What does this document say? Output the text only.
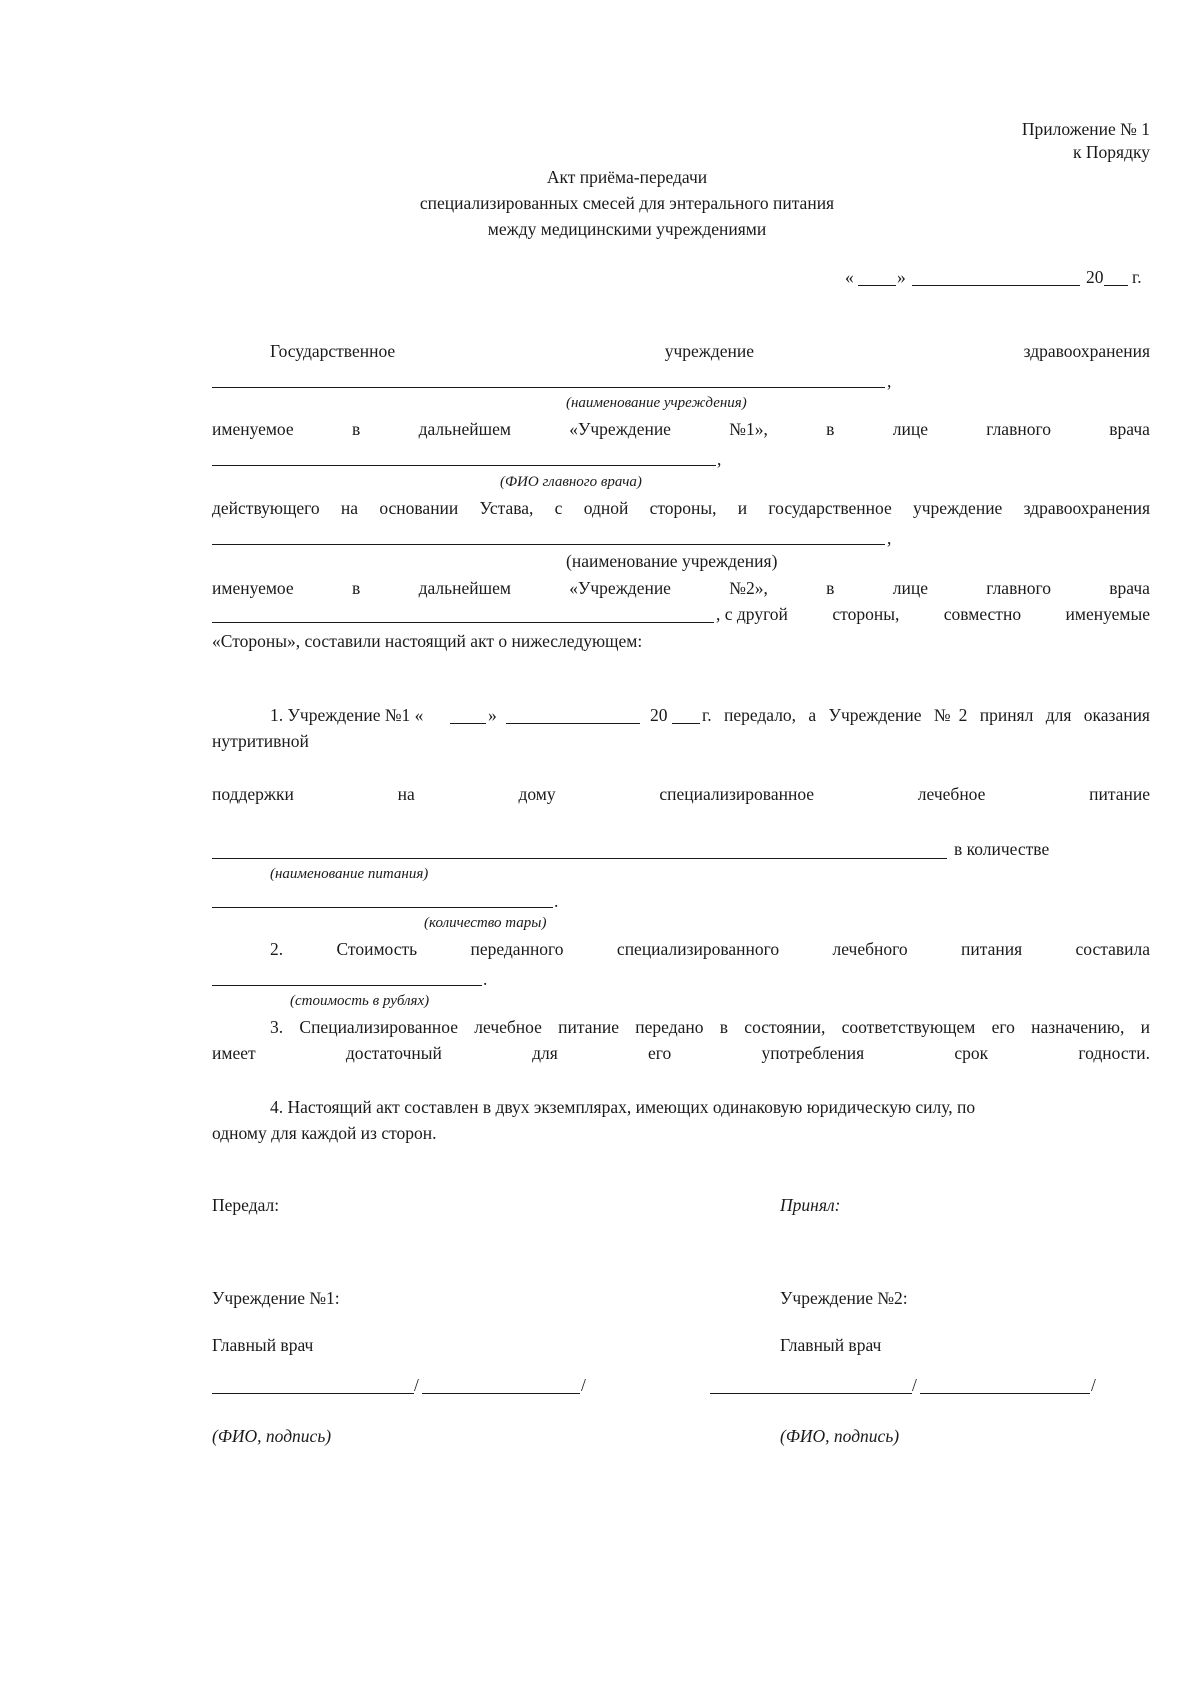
Приложение № 1
к Порядку
Акт приёма-передачи
специализированных смесей для энтерального питания
между медицинскими учреждениями
« »	20 г.
Государственное	учреждение	здравоохранения
,
(наименование учреждения)
именуемое	в	дальнейшем	«Учреждение	№1»,	в	лице	главного	врача
,
(ФИО главного врача)
действующего на основании Устава, с одной стороны, и государственное учреждение здравоохранения
,
(наименование учреждения)
именуемое	в	дальнейшем	«Учреждение	№2»,	в	лице	главного	врача
, с другой	стороны,	совместно	именуемые
«Стороны», составили настоящий акт о нижеследующем:
1. Учреждение №1 «	»	20 г. передало, а Учреждение №2 принял для оказания
нутритивной
поддержки	на	дому	специализированное	лечебное	питание
в количестве
(наименование питания)
.
(количество тары)
2.	Стоимость	переданного	специализированного	лечебного	питания	составила
.
(стоимость в рублях)
3. Специализированное лечебное питание передано в состоянии, соответствующем его назначению, и
имеет	достаточный	для	его	употребления	срок	годности.
4. Настоящий акт составлен в двух экземплярах, имеющих одинаковую юридическую силу, по
одному для каждой из сторон.
Передал:	Принял:
Учреждение №1:	Учреждение №2:
Главный врач	Главный врач
/	/	/	/
(ФИО, подпись)	(ФИО, подпись)
